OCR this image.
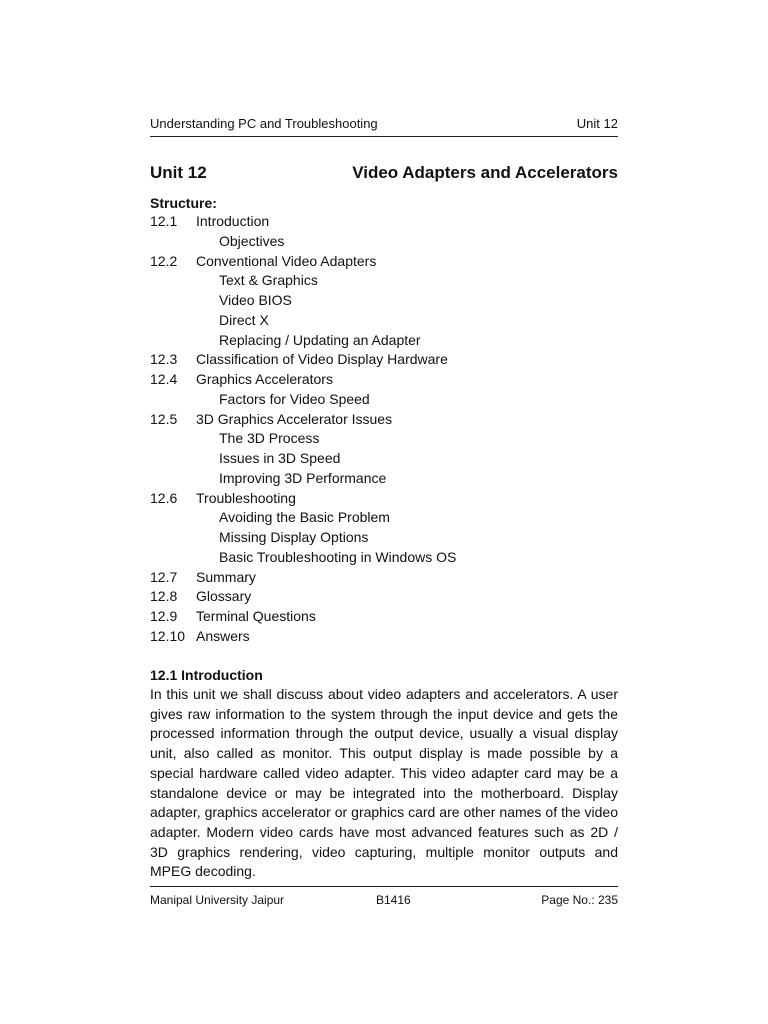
Understanding PC and Troubleshooting	Unit 12
Unit 12	Video Adapters and Accelerators
Structure:
12.1 Introduction
Objectives
12.2 Conventional Video Adapters
Text & Graphics
Video BIOS
Direct X
Replacing / Updating an Adapter
12.3 Classification of Video Display Hardware
12.4 Graphics Accelerators
Factors for Video Speed
12.5 3D Graphics Accelerator Issues
The 3D Process
Issues in 3D Speed
Improving 3D Performance
12.6 Troubleshooting
Avoiding the Basic Problem
Missing Display Options
Basic Troubleshooting in Windows OS
12.7 Summary
12.8 Glossary
12.9 Terminal Questions
12.10 Answers
12.1 Introduction

In this unit we shall discuss about video adapters and accelerators. A user gives raw information to the system through the input device and gets the processed information through the output device, usually a visual display unit, also called as monitor. This output display is made possible by a special hardware called video adapter. This video adapter card may be a standalone device or may be integrated into the motherboard. Display adapter, graphics accelerator or graphics card are other names of the video adapter. Modern video cards have most advanced features such as 2D / 3D graphics rendering, video capturing, multiple monitor outputs and MPEG decoding.

Manipal University Jaipur	B1416	Page No.: 235
